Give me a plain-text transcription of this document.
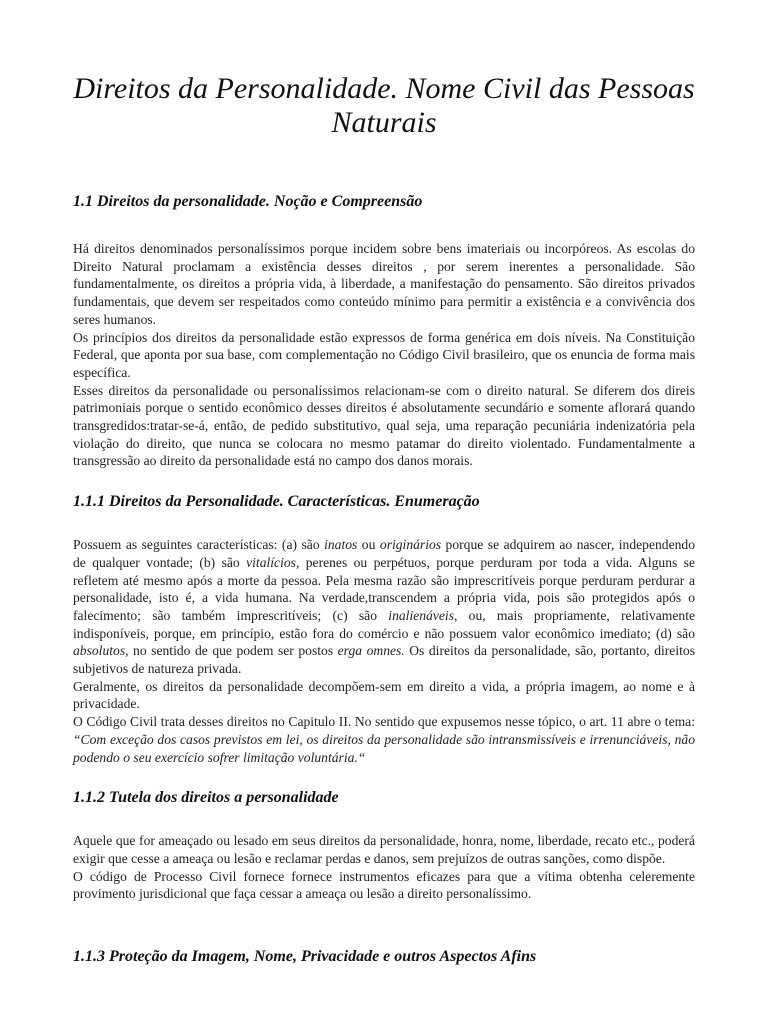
Direitos da Personalidade. Nome Civil das Pessoas Naturais
1.1 Direitos da personalidade. Noção e Compreensão

Há direitos denominados personalíssimos porque incidem sobre bens imateriais ou incorpóreos. As escolas do Direito Natural proclamam a existência desses direitos , por serem inerentes a personalidade. São fundamentalmente, os direitos a própria vida, à liberdade, a manifestação do pensamento. São direitos privados fundamentais, que devem ser respeitados como conteúdo mínimo para permitir a existência e a convivência dos seres humanos.

Os princípios dos direitos da personalidade estão expressos de forma genérica em dois níveis. Na Constituição Federal, que aponta por sua base, com complementação no Código Civil brasileiro, que os enuncia de forma mais específica.

Esses direitos da personalidade ou personalíssimos relacionam-se com o direito natural. Se diferem dos direis patrimoniais porque o sentido econômico desses direitos é absolutamente secundário e somente aflorará quando transgredidos:tratar-se-á, então, de pedido substitutivo, qual seja, uma reparação pecuniária indenizatória pela violação do direito, que nunca se colocara no mesmo patamar do direito violentado. Fundamentalmente a transgressão ao direito da personalidade está no campo dos danos morais.

1.1.1 Direitos da Personalidade. Características. Enumeração

Possuem as seguintes características: (a) são inatos ou originários porque se adquirem ao nascer, independendo de qualquer vontade; (b) são vitalícios, perenes ou perpétuos, porque perduram por toda a vida. Alguns se refletem até mesmo após a morte da pessoa. Pela mesma razão são imprescritíveis porque perduram perdurar a personalidade, isto é, a vida humana. Na verdade,transcendem a própria vida, pois são protegidos após o falecimento; são também imprescritíveis; (c) são inalienáveis, ou, mais propriamente, relativamente indisponíveis, porque, em princípio, estão fora do comércio e não possuem valor econômico imediato; (d) são absolutos, no sentido de que podem ser postos erga omnes. Os direitos da personalidade, são, portanto, direitos subjetivos de natureza privada.

Geralmente, os direitos da personalidade decompõem-sem em direito a vida, a própria imagem, ao nome e à privacidade.

O Código Civil trata desses direitos no Capitulo II. No sentido que expusemos nesse tópico, o art. 11 abre o tema: “Com exceção dos casos previstos em lei, os direitos da personalidade são intransmissíveis e irrenunciáveis, não podendo o seu exercício sofrer limitação voluntária.“

1.1.2 Tutela dos direitos a personalidade

Aquele que for ameaçado ou lesado em seus direitos da personalidade, honra, nome, liberdade, recato etc., poderá exigir que cesse a ameaça ou lesão e reclamar perdas e danos, sem prejuízos de outras sanções, como dispõe.

O código de Processo Civil fornece fornece instrumentos eficazes para que a vítima obtenha celeremente provimento jurisdicional que faça cessar a ameaça ou lesão a direito personalíssimo.

1.1.3 Proteção da Imagem, Nome, Privacidade e outros Aspectos Afins
